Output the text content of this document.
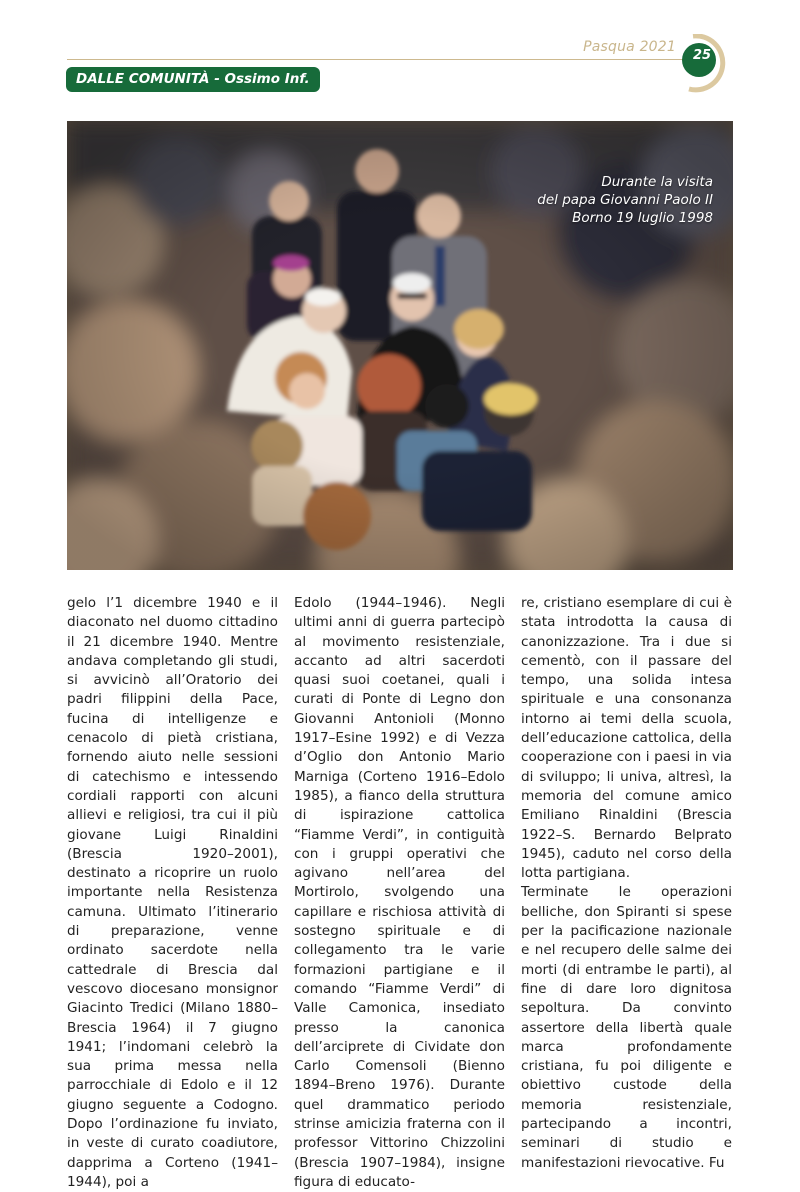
Pasqua 2021
25
DALLE COMUNITÀ - Ossimo Inf.
Durante la visita
del papa Giovanni Paolo II
Borno 19 luglio 1998

gelo l’1 dicembre 1940 e il diaconato nel duomo cittadino il 21 dicembre 1940. Mentre andava completando gli studi, si avvicinò all’Oratorio dei padri filippini della Pace, fucina di intelligenze e cenacolo di pietà cristiana, fornendo aiuto nelle sessioni di catechismo e intessendo cordiali rapporti con alcuni allievi e religiosi, tra cui il più giovane Luigi Rinaldini (Brescia 1920–2001), destinato a ricoprire un ruolo importante nella Resistenza camuna. Ultimato l’itinerario di preparazione, venne ordinato sacerdote nella cattedrale di Brescia dal vescovo diocesano monsignor Giacinto Tredici (Milano 1880–Brescia 1964) il 7 giugno 1941; l’indomani celebrò la sua prima messa nella parrocchiale di Edolo e il 12 giugno seguente a Codogno. Dopo l’ordinazione fu inviato, in veste di curato coadiutore, dapprima a Corteno (1941–1944), poi a

Edolo (1944–1946). Negli ultimi anni di guerra partecipò al movimento resistenziale, accanto ad altri sacerdoti quasi suoi coetanei, quali i curati di Ponte di Legno don Giovanni Antonioli (Monno 1917–Esine 1992) e di Vezza d’Oglio don Antonio Mario Marniga (Corteno 1916–Edolo 1985), a fianco della struttura di ispirazione cattolica “Fiamme Verdi”, in contiguità con i gruppi operativi che agivano nell’area del Mortirolo, svolgendo una capillare e rischiosa attività di sostegno spirituale e di collegamento tra le varie formazioni partigiane e il comando “Fiamme Verdi” di Valle Camonica, insediato presso la canonica dell’arciprete di Cividate don Carlo Comensoli (Bienno 1894–Breno 1976). Durante quel drammatico periodo strinse amicizia fraterna con il professor Vittorino Chizzolini (Brescia 1907–1984), insigne figura di educato-

re, cristiano esemplare di cui è stata introdotta la causa di canonizzazione. Tra i due si cementò, con il passare del tempo, una solida intesa spirituale e una consonanza intorno ai temi della scuola, dell’educazione cattolica, della cooperazione con i paesi in via di sviluppo; li univa, altresì, la memoria del comune amico Emiliano Rinaldini (Brescia 1922–S. Bernardo Belprato 1945), caduto nel corso della lotta partigiana.

Terminate le operazioni belliche, don Spiranti si spese per la pacificazione nazionale e nel recupero delle salme dei morti (di entrambe le parti), al fine di dare loro dignitosa sepoltura. Da convinto assertore della libertà quale marca profondamente cristiana, fu poi diligente e obiettivo custode della memoria resistenziale, partecipando a incontri, seminari di studio e manifestazioni rievocative. Fu
